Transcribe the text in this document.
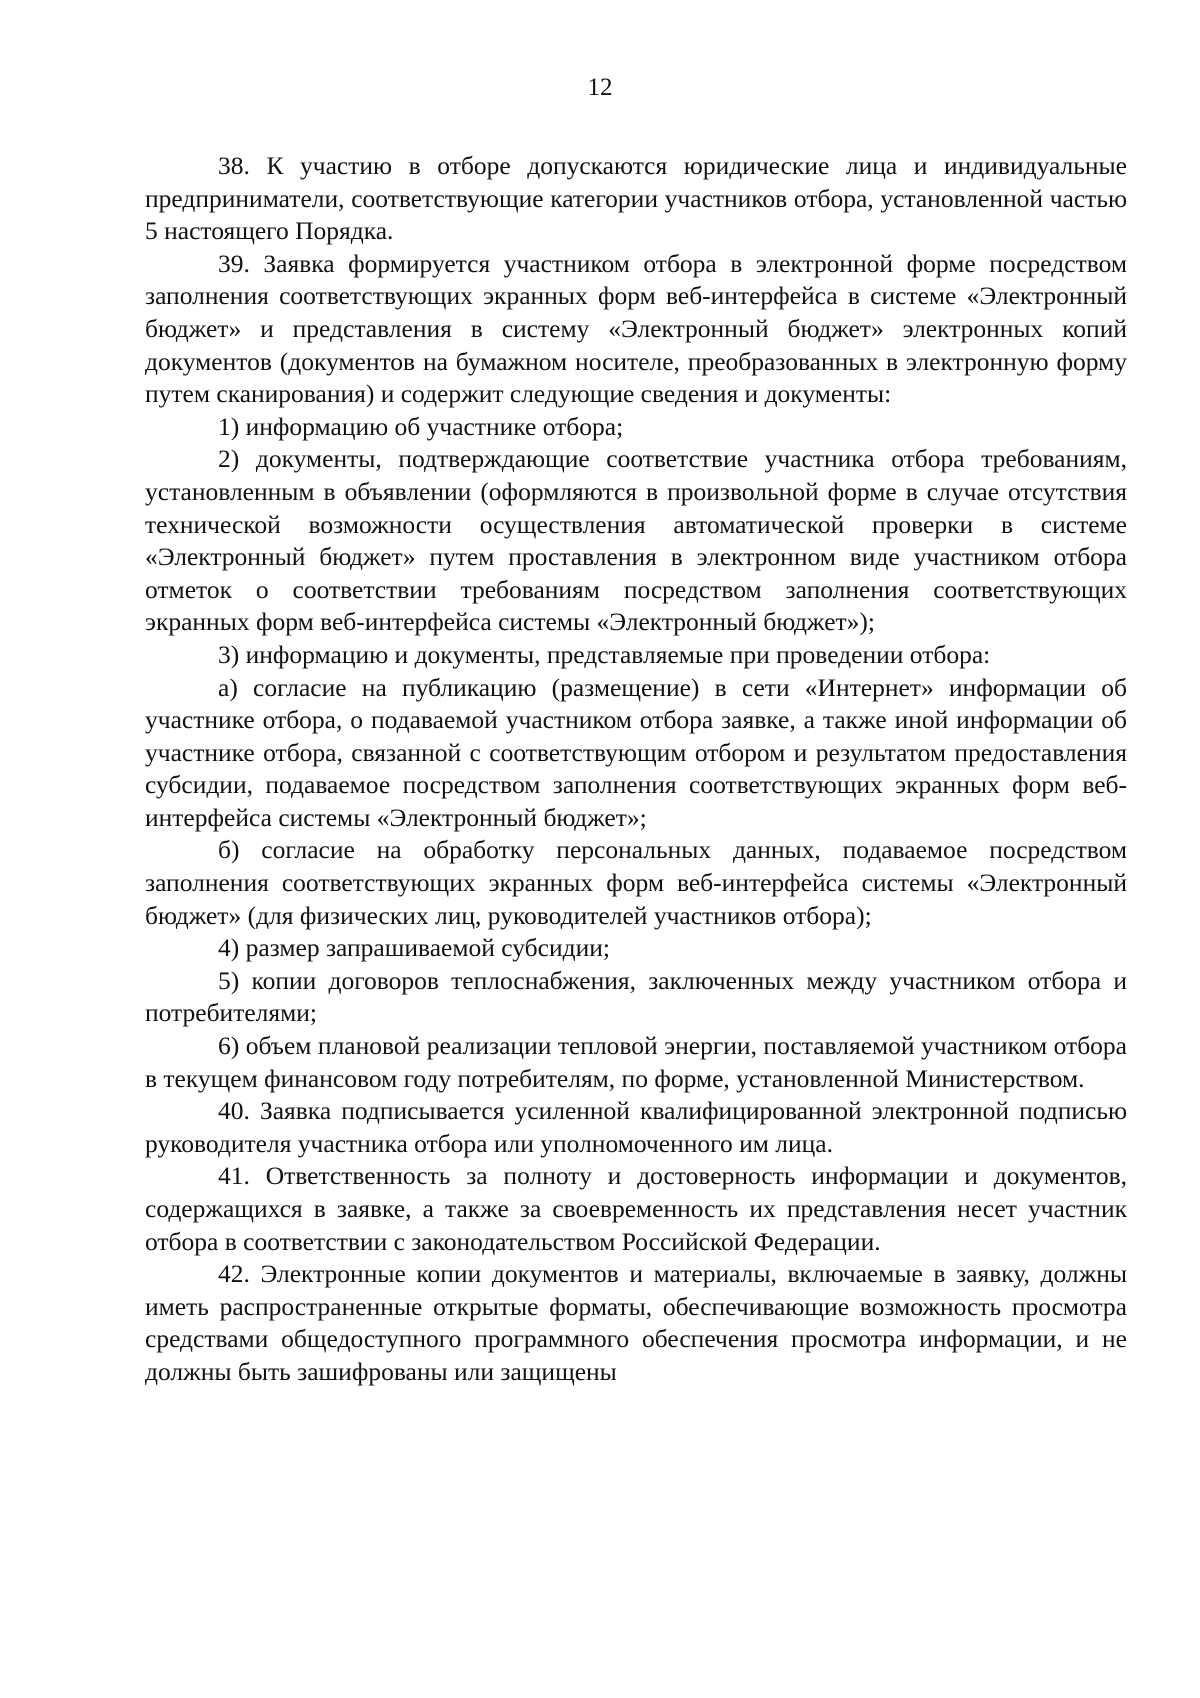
12

38. К участию в отборе допускаются юридические лица и индивидуальные предприниматели, соответствующие категории участников отбора, установленной частью 5 настоящего Порядка.

39. Заявка формируется участником отбора в электронной форме посредством заполнения соответствующих экранных форм веб-интерфейса в системе «Электронный бюджет» и представления в систему «Электронный бюджет» электронных копий документов (документов на бумажном носителе, преобразованных в электронную форму путем сканирования) и содержит следующие сведения и документы:

1) информацию об участнике отбора;

2) документы, подтверждающие соответствие участника отбора требованиям, установленным в объявлении (оформляются в произвольной форме в случае отсутствия технической возможности осуществления автоматической проверки в системе «Электронный бюджет» путем проставления в электронном виде участником отбора отметок о соответствии требованиям посредством заполнения соответствующих экранных форм веб-интерфейса системы «Электронный бюджет»);

3) информацию и документы, представляемые при проведении отбора:

а) согласие на публикацию (размещение) в сети «Интернет» информации об участнике отбора, о подаваемой участником отбора заявке, а также иной информации об участнике отбора, связанной с соответствующим отбором и результатом предоставления субсидии, подаваемое посредством заполнения соответствующих экранных форм веб-интерфейса системы «Электронный бюджет»;

б) согласие на обработку персональных данных, подаваемое посредством заполнения соответствующих экранных форм веб-интерфейса системы «Электронный бюджет» (для физических лиц, руководителей участников отбора);

4) размер запрашиваемой субсидии;

5) копии договоров теплоснабжения, заключенных между участником отбора и потребителями;

6) объем плановой реализации тепловой энергии, поставляемой участником отбора в текущем финансовом году потребителям, по форме, установленной Министерством.

40. Заявка подписывается усиленной квалифицированной электронной подписью руководителя участника отбора или уполномоченного им лица.

41. Ответственность за полноту и достоверность информации и документов, содержащихся в заявке, а также за своевременность их представления несет участник отбора в соответствии с законодательством Российской Федерации.

42. Электронные копии документов и материалы, включаемые в заявку, должны иметь распространенные открытые форматы, обеспечивающие возможность просмотра средствами общедоступного программного обеспечения просмотра информации, и не должны быть зашифрованы или защищены
